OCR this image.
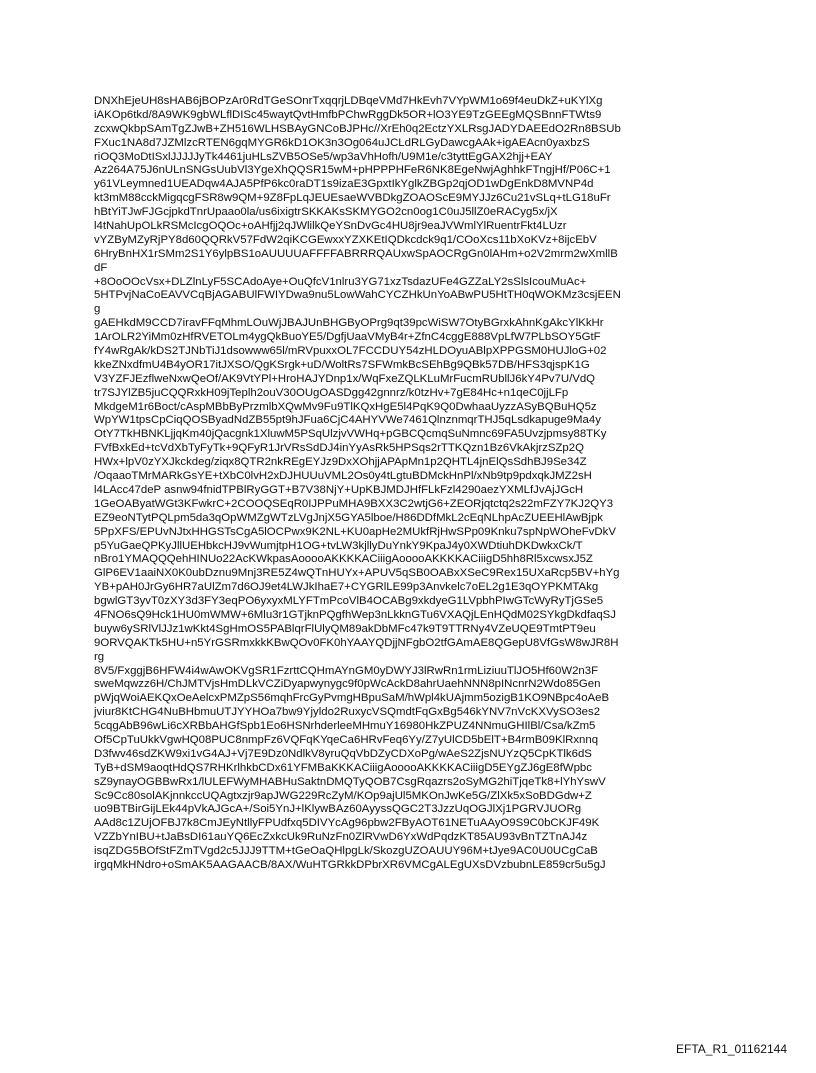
DNXhEjeUH8sHAB6jBOPzAr0RdTGeSOnrTxqqrjLDBqeVMd7HkEvh7VYpWM1o69f4euDkZ+uKYlXg
iAKOp6tkd/8A9WK9gbWLflDISc45waytQvtHmfbPChwRggDk5OR+lO3YE9TzGEEgMQSBnnFTWts9
zcxwQkbpSAmTgZJwB+ZH516WLHSBAyGNCoBJPHc//XrEh0q2EctzYXLRsgJADYDAEEdO2Rn8BSUb
FXuc1NA8d7JZMlzcRTEN6gqMYGR6kD1OK3n3Og064uJCLdRLGyDawcgAAk+igAEAcn0yaxbzS
riOQ3MoDtISxlJJJJJyTk4461juHLsZVB5OSe5/wp3aVhHofh/U9M1e/c3tyttEgGAX2hjj+EAY
Az264A75J6nULnSNGsUubVl3YgeXhQQSR15wM+pHPPPHFeR6NK8EgeNwjAghhkFTngjHf/P06C+1
y61VLeymned1UEADqw4AJA5PfP6kc0raDT1s9izaE3GpxtIkYglkZBGp2qjOD1wDgEnkD8MVNP4d
kt3mM88cckMigqcgFSR8w9QM+9Z8FpLqJEUEsaeWVBDkgZOAOScE9MYJJz6Cu21vSLq+tLG18uFr
hBtYiTJwFJGcjpkdTnrUpaao0la/us6ixigtrSKKAKsSKMYGO2cn0og1C0uJ5llZ0eRACyg5x/jX
l4tNahUpOLkRSMcIcgOQOc+oAHfjj2qJWlilkQeYSnDvGc4HU8jr9eaJVWmlYlRuentrFkt4LUzr
vYZByMZyRjPY8d60QQRkV57FdW2qiKCGEwxxYZXKEtIQDkcdck9q1/COoXcs11bXoKVz+8ijcEbV
6HryBnHX1rSMm2S1Y6ylpBS1oAUUUUAFFFFABRRRQAUxwSpAOCRgGn0lAHm+o2V2mrm2wXmllB
dF
+8OoOOcVsx+DLZlnLyF5SCAdoAye+OuQfcV1nlru3YG71xzTsdazUFe4GZZaLY2sSlsIcouMuAc+
5HTPvjNaCoEAVVCqBjAGABUlFWIYDwa9nu5LowWahCYCZHkUnYoABwPU5HtTH0qWOKMz3csjEEN
g
gAEHkdM9CCD7iravFFqMhmLOuWjJBAJUnBHGByOPrg9qt39pcWiSW7OtyBGrxkAhnKgAkcYlKkHr
1ArOLR2YiMm0zHfRVETOLm4ygQkBuoYE5/DgfjUaaVMyB4r+ZfnC4cggE888VpLfW7PLbSOY5GtF
fY4wRgAk/kDS2TJNbTiJ1dsowww65l/mRVpuxxOL7FCCDUY54zHLDOyuABlpXPPGSM0HUJloG+02
kkeZNxdfmU4B4yOR17itJXSO/QgKSrgk+uD/WoltRs7SFWmkBcSEhBg9QBk57DB/HFS3qjspK1G
V3YZFJEzflweNxwQeOf/AK9VtYPl+HroHAJYDnp1x/WqFxeZQLKLuMrFucmRUbllJ6kY4Pv7U/VdQ
tr7SJYlZB5juCQQRxkH09jTeplh2ouV30OUgOASDgg42gnnrz/k0tzHv+7gE84Hc+n1qeC0jjLFp
MkdgeM1r6Boct/cAspMBbByPrzmlbXQwMv9Fu9TlKQxHgE5l4PqK9Q0DwhaaUyzzASyBQBuHQ5z
WpYW1tpsCpCiqQOSByadNdZB55pt9hJFua6CjC4AHYVWe7461QlnznmqrTHJ5qLsdkapuge9Ma4y
OtY7TkHBNKLjjqKm40jQacgnk1XluwM5PSqUlzjvVWHq+pGBCQcmqSuNmnc69FA5Uvzjpmsy88TKy
FVfBxkEd+tcVdXbTyFyTk+9QFyR1JrVRsSdDJ4inYyAsRk5HPSqs2rTTKQzn1Bz6VkAkjrzSZp2Q
HWx+lpV0zYXJkckdeg/ziqx8QTR2nkREgEYJz9DxXOhjjAPApMn1p2QHTL4jnElQsSdhBJ9Se34Z
/OqaaoTMrMARkGsYE+tXbC0lvH2xDJHUUuVML2Os0y4tLgtuBDMckHnPl/xNb9tp9pdxqkJMZ2sH
l4LAcc47deP asnw94fnidTPBlRyGGT+B7V38NjY+UpKBJMDJHfFLkFzl4290aezYXMLfJvAjJGcH
1GeOAByatWGt3KFwkrC+2COOQSEqR0IJPPuMHA9BXX3C2wtjG6+ZEORjqtctq2s22mFZY7KJ2QY3
EZ9eoNTytPQLpm5da3qOpWMZgWTzLVgJnjX5GYA5lboe/H86DDfMkL2cEqNLhpAcZUEEHlAwBjpk
5PpXFS/EPUvNJtxHHGSTsCgA5lOCPwx9K2NL+KU0apHe2MUkfRjHwSPp09Knku7spNpWOheFvDkV
p5YuGaeQPKyJllUEHbkcHJ9vWumjtpH1OG+tvLW3kjllyDuYnkY9KpaJ4y0XWDtiuhDKDwkxCk/T
nBro1YMAQQQehHINUo22AcKWkpasAooooAKKKKACiiigAooooAKKKKACiiigD5hh8Rl5xcwsxJ5Z
GlP6EV1aaiNX0K0ubDznu9Mnj3RE5Z4wQTnHUYx+APUV5qSB0OABxXSeC9Rex15UXaRcp5BV+hYg
YB+pAH0JrGy6HR7aUlZm7d6OJ9et4LWJkIhaE7+CYGRlLE99p3Anvkelc7oEL2g1E3qOYPKMTAkg
bgwlGT3yvT0zXY3d3FY3eqPO6yxyxMLYFTmPcoVlB4OCABg9xkdyeG1LVpbhPIwGTcWyRyTjGSe5
4FNO6sQ9Hck1HU0mWMW+6Mlu3r1GTjknPQgfhWep3nLkknGTu6VXAQjLEnHQdM02SYkgDkdfaqSJ
buyw6ySRlVlJJz1wKkt4SgHmOS5PABlqrFlUlyQM89akDbMFc47k9T9TTRNy4VZeUQE9TmtPT9eu
9ORVQAKTk5HU+n5YrGSRmxkkKBwQOv0FK0hYAAYQDjjNFgbO2tfGAmAE8QGepU8VfGsW8wJR8H
rg
8V5/FxggjB6HFW4i4wAwOKVgSR1FzrttCQHmAYnGM0yDWYJ3lRwRn1rmLiziuuTlJO5Hf60W2n3F
sweMqwzz6H/ChJMTVjsHmDLkVCZiDyapwynygc9f0pWcAckD8ahrUaehNNN8pINcnrN2Wdo85Gen
pWjqWoiAEKQxOeAelcxPMZpS56mqhFrcGyPvmgHBpuSaM/hWpl4kUAjmm5ozigB1KO9NBpc4oAeB
jviur8KtCHG4NuBHbmuUTJYYHOa7bw9Yjyldo2RuxycVSQmdtFqGxBg546kYNV7nVcKXVySO3es2
5cqgAbB96wLi6cXRBbAHGfSpb1Eo6HSNrhderleeMHmuY16980HkZPUZ4NNmuGHIlBl/Csa/kZm5
Of5CpTuUkkVgwHQ08PUC8nmpFz6VQFqKYqeCa6HRvFeq6Yy/Z7yUlCD5bElT+B4rmB09KlRxnnq
D3fwv46sdZKW9xi1vG4AJ+Vj7E9Dz0NdlkV8yruQqVbDZyCDXoPg/wAeS2ZjsNUYzQ5CpKTlk6dS
TyB+dSM9aoqtHdQS7RHKrlhkbCDx61YFMBaKKKACiiigAooooAKKKKACiiigD5EYgZJ6gE8fWpbc
sZ9ynayOGBBwRx1/lULEFWyMHABHuSaktnDMQTyQOB7CsgRqazrs2oSyMG2hiTjqeTk8+lYhYswV
Sc9Cc80solAKjnnkccUQAgtxzjr9apJWG229RcZyM/KOp9ajUl5MKOnJwKe5G/ZlXk5xSoBDGdw+Z
uo9BTBirGijLEk44pVkAJGcA+/Soi5YnJ+lKlywBAz60AyyssQGC2T3JzzUqOGJlXj1PGRVJUORg
AAd8c1ZUjOFBJ7k8CmJEyNtllyFPUdfxq5DIVYcAg96pbw2FByAOT61NETuAAyO9S9C0bCKJF49K
VZZbYnIBU+tJaBsDI61auYQ6EcZxkcUk9RuNzFn0ZlRVwD6YxWdPqdzKT85AU93vBnTZTnAJ4z
isqZDG5BOfStFZmTVgd2c5JJJ9TTM+tGeOaQHlpgLk/SkozgUZOAUUY96M+tJye9AC0U0UCgCaB
irgqMkHNdro+oSmAK5AAGAACB/8AX/WuHTGRkkDPbrXR6VMCgALEgUXsDVzbubnLE859cr5u5gJ
EFTA_R1_01162144
